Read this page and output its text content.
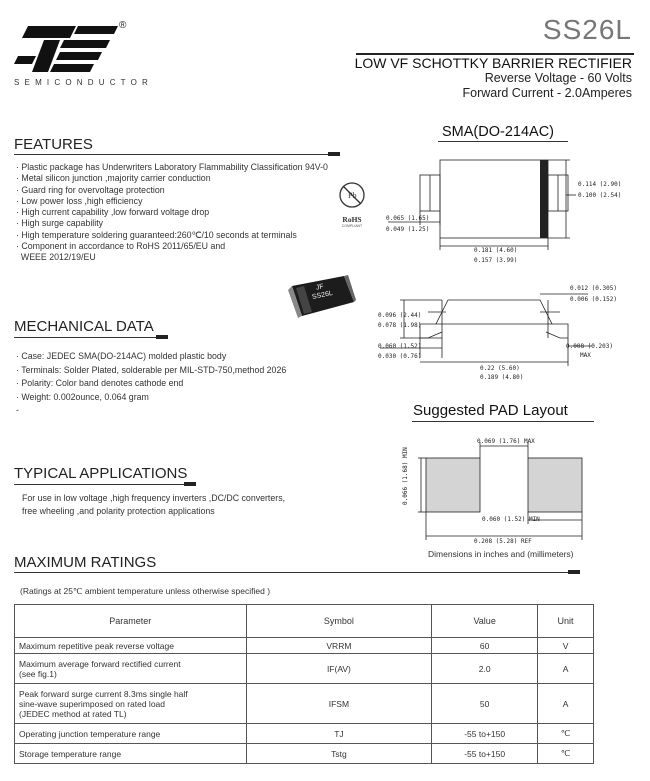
®
SEMICONDUCTOR
SS26L
LOW VF SCHOTTKY BARRIER RECTIFIER
Reverse Voltage - 60 Volts
Forward Current - 2.0Amperes
FEATURES
· Plastic package has Underwriters Laboratory Flammability Classification 94V-0
· Metal silicon junction ,majority carrier conduction
· Guard ring for overvoltage protection
· Low power loss ,high efficiency
· High current capability ,low forward voltage drop
· High surge capability
· High temperature soldering guaranteed:260℃/10 seconds at terminals
· Component in accordance to RoHS 2011/65/EU and
WEEE 2012/19/EU
Pb
RoHS
COMPLIANT
JF
SS26L
MECHANICAL DATA
· Case: JEDEC SMA(DO-214AC) molded plastic body
· Terminals: Solder Plated, solderable per MIL-STD-750,method 2026
· Polarity: Color band denotes cathode end
· Weight: 0.002ounce, 0.064 gram
-
TYPICAL APPLICATIONS
For use in low voltage ,high frequency inverters ,DC/DC converters,
free wheeling ,and polarity protection applications
MAXIMUM RATINGS
(Ratings at 25℃ ambient temperature unless otherwise specified )
Parameter	Symbol	Value	Unit
Maximum repetitive peak reverse voltage	VRRM	60	V
Maximum average forward rectified current
(see fig.1)	IF(AV)	2.0	A
Peak forward surge current 8.3ms single half
sine-wave superimposed on rated load
(JEDEC method at rated TL)	IFSM	50	A
Operating junction temperature range	TJ	-55 to+150	℃
Storage temperature range	Tstg	-55 to+150	℃
SMA(DO-214AC)
0.114 (2.90)
0.100 (2.54)
0.065 (1.65)
0.049 (1.25)
0.181 (4.60)
0.157 (3.99)
0.012 (0.305)
0.006 (0.152)
0.096 (2.44)
0.078 (1.98)
0.060 (1.52)
0.030 (0.76)
0.008 (0.203)
MAX
0.22 (5.60)
0.189 (4.80)
Suggested PAD Layout
0.069 (1.76) MAX
0.066 (1.68) MIN
0.060 (1.52) MIN
0.208 (5.28) REF
Dimensions in inches and (millimeters)
